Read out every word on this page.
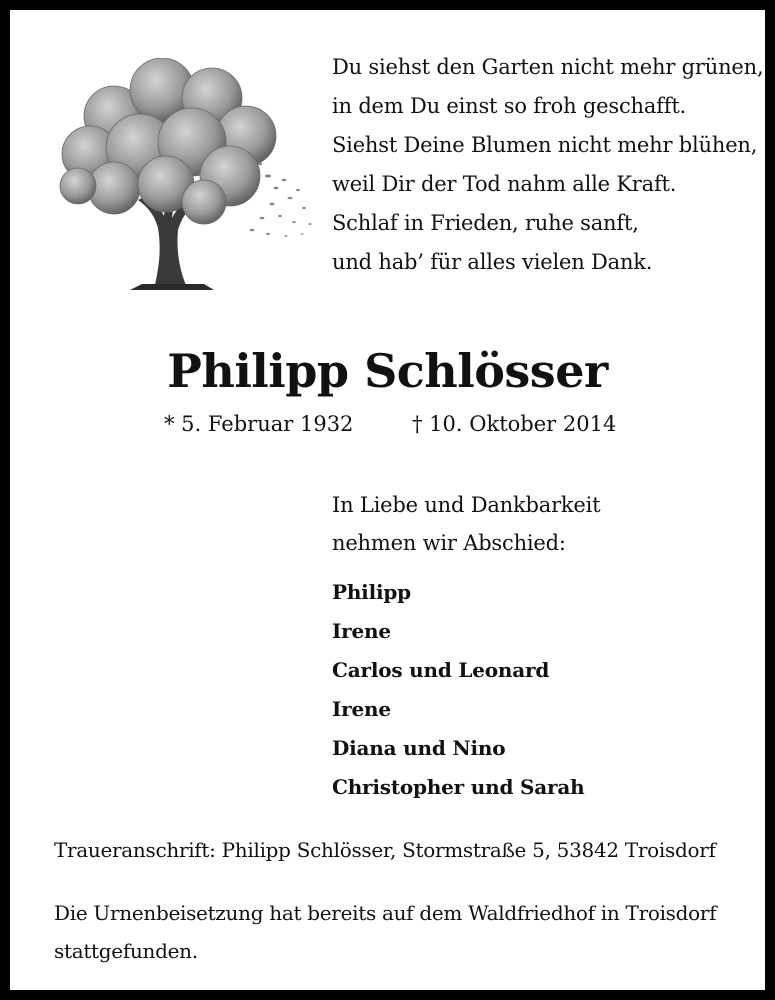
Du siehst den Garten nicht mehr grünen,
in dem Du einst so froh geschafft.
Siehst Deine Blumen nicht mehr blühen,
weil Dir der Tod nahm alle Kraft.
Schlaf in Frieden, ruhe sanft,
und hab’ für alles vielen Dank.
Philipp Schlösser
* 5. Februar 1932	† 10. Oktober 2014
In Liebe und Dankbarkeit
nehmen wir Abschied:
Philipp
Irene
Carlos und Leonard
Irene
Diana und Nino
Christopher und Sarah
Traueranschrift: Philipp Schlösser, Stormstraße 5, 53842 Troisdorf
Die Urnenbeisetzung hat bereits auf dem Waldfriedhof in Troisdorf
stattgefunden.
